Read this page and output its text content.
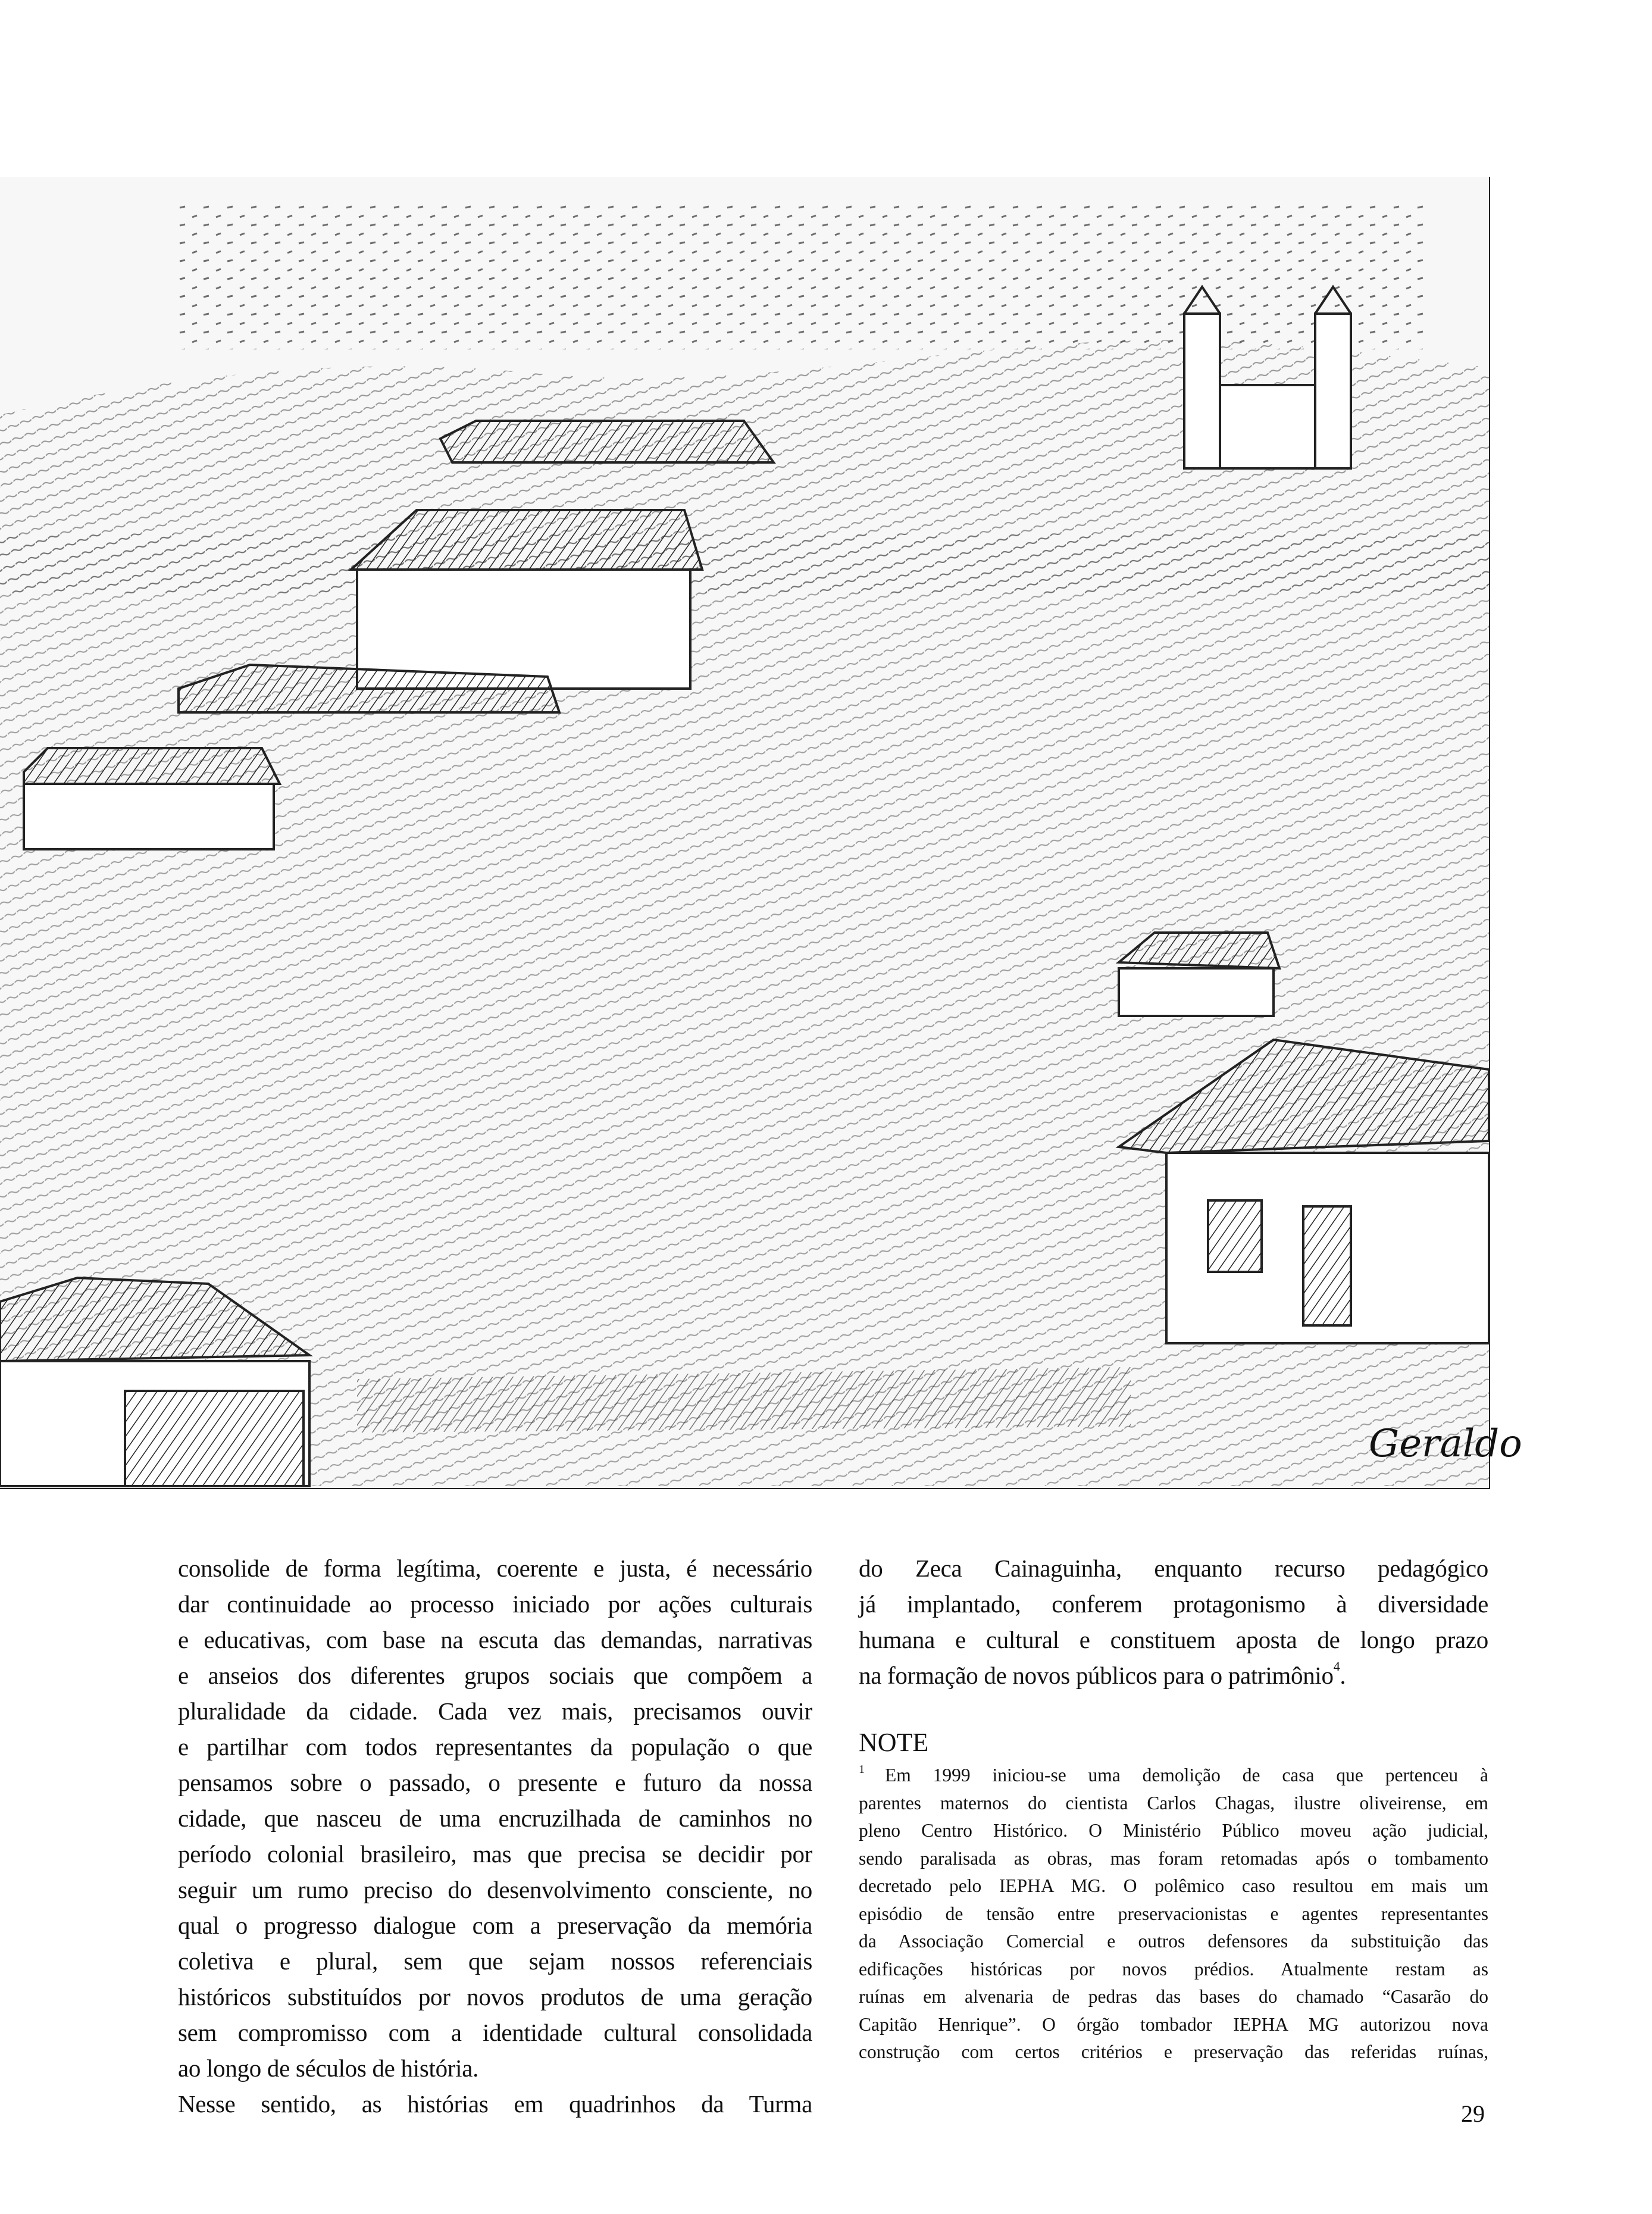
Geraldo
consolide de forma legítima, coerente e justa, é necessário
dar continuidade ao processo iniciado por ações culturais
e educativas, com base na escuta das demandas, narrativas
e anseios dos diferentes grupos sociais que compõem a
pluralidade da cidade. Cada vez mais, precisamos ouvir
e partilhar com todos representantes da população o que
pensamos sobre o passado, o presente e futuro da nossa
cidade, que nasceu de uma encruzilhada de caminhos no
período colonial brasileiro, mas que precisa se decidir por
seguir um rumo preciso do desenvolvimento consciente, no
qual o progresso dialogue com a preservação da memória
coletiva e plural, sem que sejam nossos referenciais
históricos substituídos por novos produtos de uma geração
sem compromisso com a identidade cultural consolidada
ao longo de séculos de história.
Nesse sentido, as histórias em quadrinhos da Turma
do Zeca Cainaguinha, enquanto recurso pedagógico
já implantado, conferem protagonismo à diversidade
humana e cultural e constituem aposta de longo prazo
na formação de novos públicos para o patrimônio$^4$.
NOTE
$^1$ Em 1999 iniciou-se uma demolição de casa que pertenceu à
parentes maternos do cientista Carlos Chagas, ilustre oliveirense, em
pleno Centro Histórico. O Ministério Público moveu ação judicial,
sendo paralisada as obras, mas foram retomadas após o tombamento
decretado pelo IEPHA MG. O polêmico caso resultou em mais um
episódio de tensão entre preservacionistas e agentes representantes
da Associação Comercial e outros defensores da substituição das
edificações históricas por novos prédios. Atualmente restam as
ruínas em alvenaria de pedras das bases do chamado “Casarão do
Capitão Henrique”. O órgão tombador IEPHA MG autorizou nova
construção com certos critérios e preservação das referidas ruínas,
29
